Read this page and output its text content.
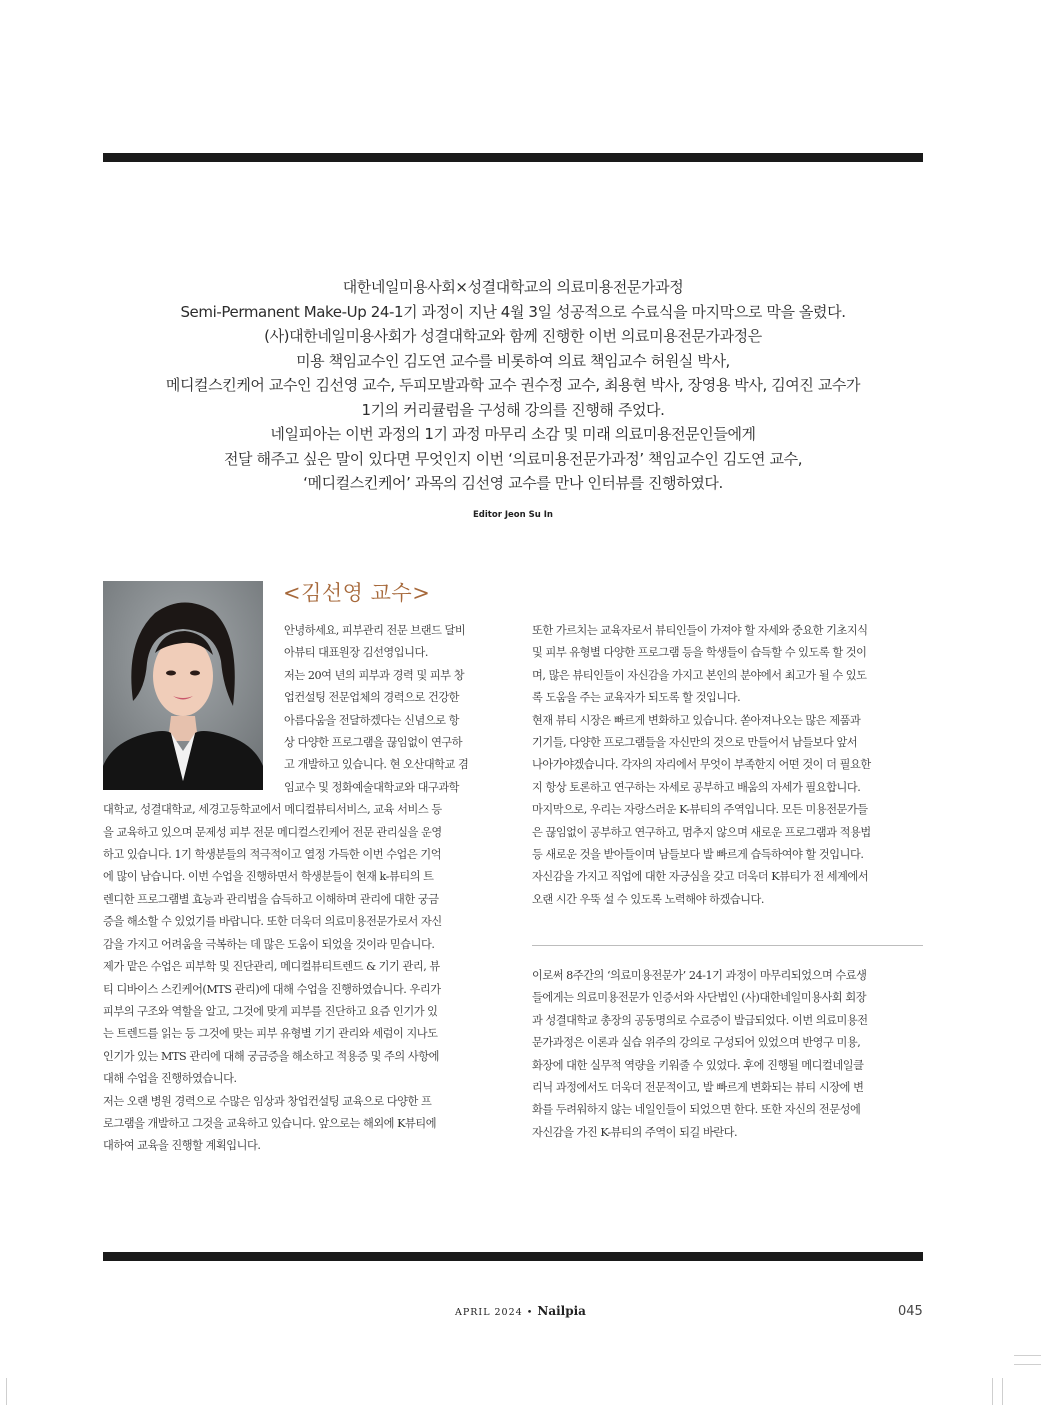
대한네일미용사회×성결대학교의 의료미용전문가과정
Semi-Permanent Make-Up 24-1기 과정이 지난 4월 3일 성공적으로 수료식을 마지막으로 막을 올렸다.
(사)대한네일미용사회가 성결대학교와 함께 진행한 이번 의료미용전문가과정은
미용 책임교수인 김도연 교수를 비롯하여 의료 책임교수 허원실 박사,
메디컬스킨케어 교수인 김선영 교수, 두피모발과학 교수 권수정 교수, 최용현 박사, 장영용 박사, 김여진 교수가
1기의 커리큘럼을 구성해 강의를 진행해 주었다.
네일피아는 이번 과정의 1기 과정 마무리 소감 및 미래 의료미용전문인들에게
전달 해주고 싶은 말이 있다면 무엇인지 이번 ‘의료미용전문가과정’ 책임교수인 김도연 교수,
‘메디컬스킨케어’ 과목의 김선영 교수를 만나 인터뷰를 진행하였다.
Editor Jeon Su In
<김선영 교수>
안녕하세요, 피부관리 전문 브랜드 달비
아뷰티 대표원장 김선영입니다.
저는 20여 년의 피부과 경력 및 피부 창
업컨설팅 전문업체의 경력으로 건강한
아름다움을 전달하겠다는 신념으로 항
상 다양한 프로그램을 끊임없이 연구하
고 개발하고 있습니다. 현 오산대학교 겸
임교수 및 정화예술대학교와 대구과학
대학교, 성결대학교, 세경고등학교에서 메디컬뷰티서비스, 교육 서비스 등
을 교육하고 있으며 문제성 피부 전문 메디컬스킨케어 전문 관리실을 운영
하고 있습니다. 1기 학생분들의 적극적이고 열정 가득한 이번 수업은 기억
에 많이 남습니다. 이번 수업을 진행하면서 학생분들이 현재 k-뷰티의 트
렌디한 프로그램별 효능과 관리법을 습득하고 이해하며 관리에 대한 궁금
증을 해소할 수 있었기를 바랍니다. 또한 더욱더 의료미용전문가로서 자신
감을 가지고 어려움을 극복하는 데 많은 도움이 되었을 것이라 믿습니다.
제가 맡은 수업은 피부학 및 진단관리, 메디컬뷰티트렌드 & 기기 관리, 뷰
티 디바이스 스킨케어(MTS 관리)에 대해 수업을 진행하였습니다. 우리가
피부의 구조와 역할을 알고, 그것에 맞게 피부를 진단하고 요즘 인기가 있
는 트렌드를 읽는 등 그것에 맞는 피부 유형별 기기 관리와 세럼이 지나도
인기가 있는 MTS 관리에 대해 궁금증을 해소하고 적용증 및 주의 사항에
대해 수업을 진행하였습니다.
저는 오랜 병원 경력으로 수많은 임상과 창업컨설팅 교육으로 다양한 프
로그램을 개발하고 그것을 교육하고 있습니다. 앞으로는 해외에 K뷰티에
대하여 교육을 진행할 계획입니다.
또한 가르치는 교육자로서 뷰티인들이 가져야 할 자세와 중요한 기초지식
및 피부 유형별 다양한 프로그램 등을 학생들이 습득할 수 있도록 할 것이
며, 많은 뷰티인들이 자신감을 가지고 본인의 분야에서 최고가 될 수 있도
록 도움을 주는 교육자가 되도록 할 것입니다.
현재 뷰티 시장은 빠르게 변화하고 있습니다. 쏟아져나오는 많은 제품과
기기들, 다양한 프로그램들을 자신만의 것으로 만들어서 남들보다 앞서
나아가야겠습니다. 각자의 자리에서 무엇이 부족한지 어떤 것이 더 필요한
지 항상 토론하고 연구하는 자세로 공부하고 배움의 자세가 필요합니다.
마지막으로, 우리는 자랑스러운 K-뷰티의 주역입니다. 모든 미용전문가들
은 끊임없이 공부하고 연구하고, 멈추지 않으며 새로운 프로그램과 적용법
등 새로운 것을 받아들이며 남들보다 발 빠르게 습득하여야 할 것입니다.
자신감을 가지고 직업에 대한 자긍심을 갖고 더욱더 K뷰티가 전 세계에서
오랜 시간 우뚝 설 수 있도록 노력해야 하겠습니다.
이로써 8주간의 ‘의료미용전문가’ 24-1기 과정이 마무리되었으며 수료생
들에게는 의료미용전문가 인증서와 사단법인 (사)대한네일미용사회 회장
과 성결대학교 총장의 공동명의로 수료증이 발급되었다. 이번 의료미용전
문가과정은 이론과 실습 위주의 강의로 구성되어 있었으며 반영구 미용,
화장에 대한 실무적 역량을 키워줄 수 있었다. 후에 진행될 메디컬네일클
리닉 과정에서도 더욱더 전문적이고, 발 빠르게 변화되는 뷰티 시장에 변
화를 두려워하지 않는 네일인들이 되었으면 한다. 또한 자신의 전문성에
자신감을 가진 K-뷰티의 주역이 되길 바란다.
APRIL 2024 • Nailpia	045
